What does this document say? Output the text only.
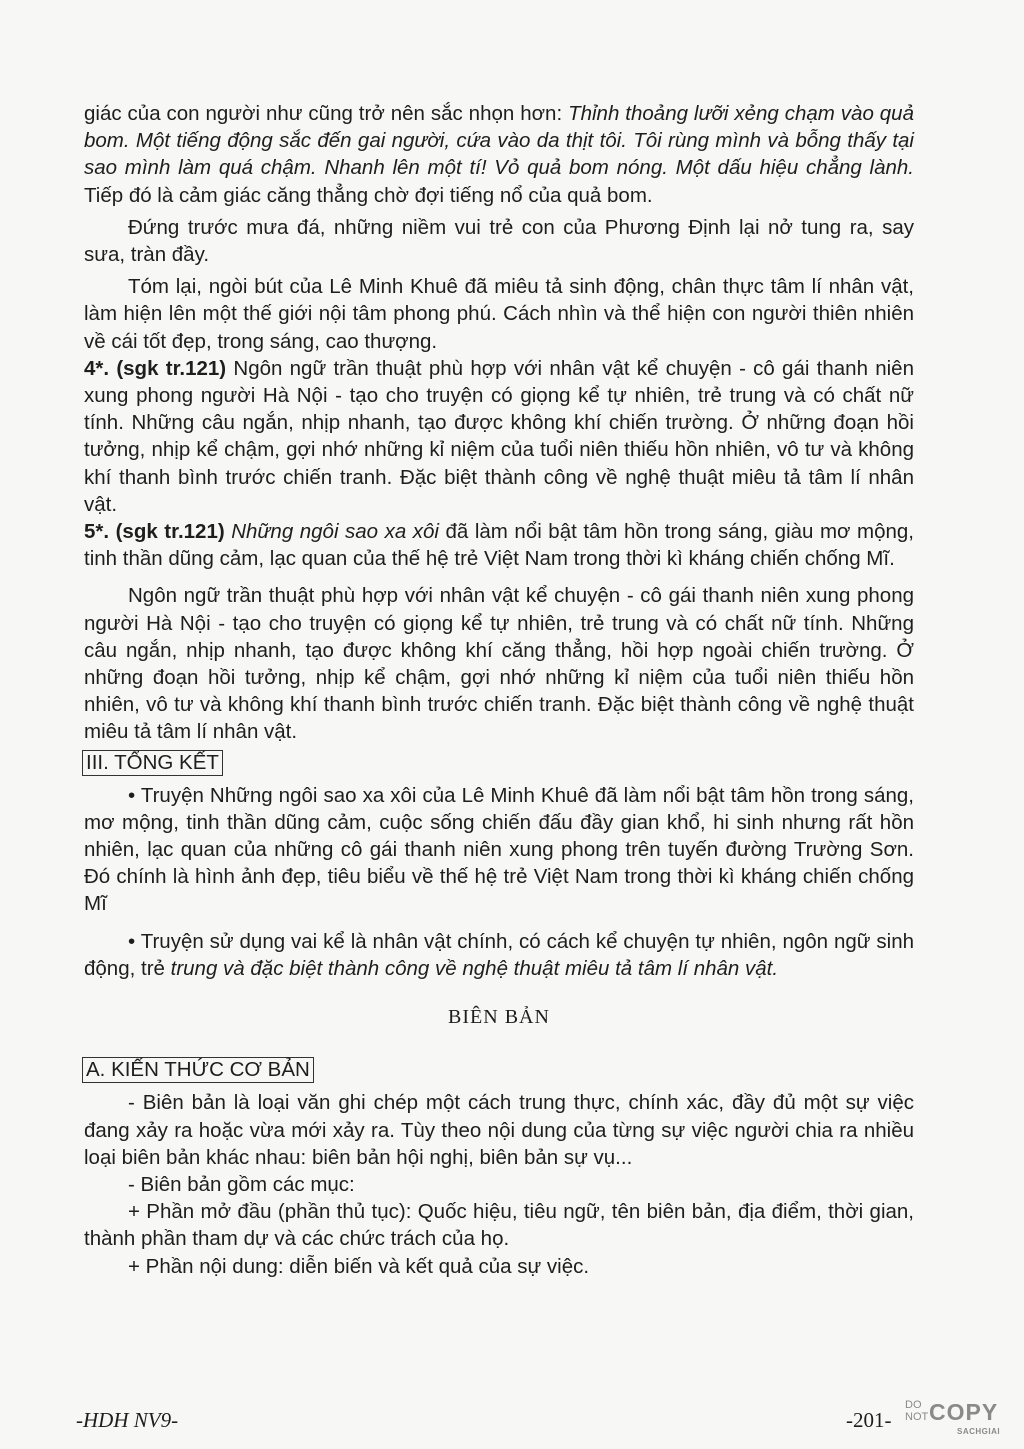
giác của con người như cũng trở nên sắc nhọn hơn: Thỉnh thoảng lưỡi xẻng chạm vào quả bom. Một tiếng động sắc đến gai người, cứa vào da thịt tôi. Tôi rùng mình và bỗng thấy tại sao mình làm quá chậm. Nhanh lên một tí! Vỏ quả bom nóng. Một dấu hiệu chẳng lành. Tiếp đó là cảm giác căng thẳng chờ đợi tiếng nổ của quả bom.

Đứng trước mưa đá, những niềm vui trẻ con của Phương Định lại nở tung ra, say sưa, tràn đầy.

Tóm lại, ngòi bút của Lê Minh Khuê đã miêu tả sinh động, chân thực tâm lí nhân vật, làm hiện lên một thế giới nội tâm phong phú. Cách nhìn và thể hiện con người thiên nhiên về cái tốt đẹp, trong sáng, cao thượng.

4*. (sgk tr.121) Ngôn ngữ trần thuật phù hợp với nhân vật kể chuyện - cô gái thanh niên xung phong người Hà Nội - tạo cho truyện có giọng kể tự nhiên, trẻ trung và có chất nữ tính. Những câu ngắn, nhịp nhanh, tạo được không khí chiến trường. Ở những đoạn hồi tưởng, nhịp kể chậm, gợi nhớ những kỉ niệm của tuổi niên thiếu hồn nhiên, vô tư và không khí thanh bình trước chiến tranh. Đặc biệt thành công về nghệ thuật miêu tả tâm lí nhân vật.

5*. (sgk tr.121) Những ngôi sao xa xôi đã làm nổi bật tâm hồn trong sáng, giàu mơ mộng, tinh thần dũng cảm, lạc quan của thế hệ trẻ Việt Nam trong thời kì kháng chiến chống Mĩ.

Ngôn ngữ trần thuật phù hợp với nhân vật kể chuyện - cô gái thanh niên xung phong người Hà Nội - tạo cho truyện có giọng kể tự nhiên, trẻ trung và có chất nữ tính. Những câu ngắn, nhịp nhanh, tạo được không khí căng thẳng, hồi hợp ngoài chiến trường. Ở những đoạn hồi tưởng, nhịp kể chậm, gợi nhớ những kỉ niệm của tuổi niên thiếu hồn nhiên, vô tư và không khí thanh bình trước chiến tranh. Đặc biệt thành công về nghệ thuật miêu tả tâm lí nhân vật.

III. TỔNG KẾT

• Truyện Những ngôi sao xa xôi của Lê Minh Khuê đã làm nổi bật tâm hồn trong sáng, mơ mộng, tinh thần dũng cảm, cuộc sống chiến đấu đầy gian khổ, hi sinh nhưng rất hồn nhiên, lạc quan của những cô gái thanh niên xung phong trên tuyến đường Trường Sơn. Đó chính là hình ảnh đẹp, tiêu biểu về thế hệ trẻ Việt Nam trong thời kì kháng chiến chống Mĩ

• Truyện sử dụng vai kể là nhân vật chính, có cách kể chuyện tự nhiên, ngôn ngữ sinh động, trẻ trung và đặc biệt thành công về nghệ thuật miêu tả tâm lí nhân vật.

BIÊN BẢN
A. KIẾN THỨC CƠ BẢN

- Biên bản là loại văn ghi chép một cách trung thực, chính xác, đầy đủ một sự việc đang xảy ra hoặc vừa mới xảy ra. Tùy theo nội dung của từng sự việc người chia ra nhiều loại biên bản khác nhau: biên bản hội nghị, biên bản sự vụ...

- Biên bản gồm các mục:

+ Phần mở đầu (phần thủ tục): Quốc hiệu, tiêu ngữ, tên biên bản, địa điểm, thời gian, thành phần tham dự và các chức trách của họ.

+ Phần nội dung: diễn biến và kết quả của sự việc.

-HDH NV9-	-201-
DO
NOT COPY
SACHGIAI
